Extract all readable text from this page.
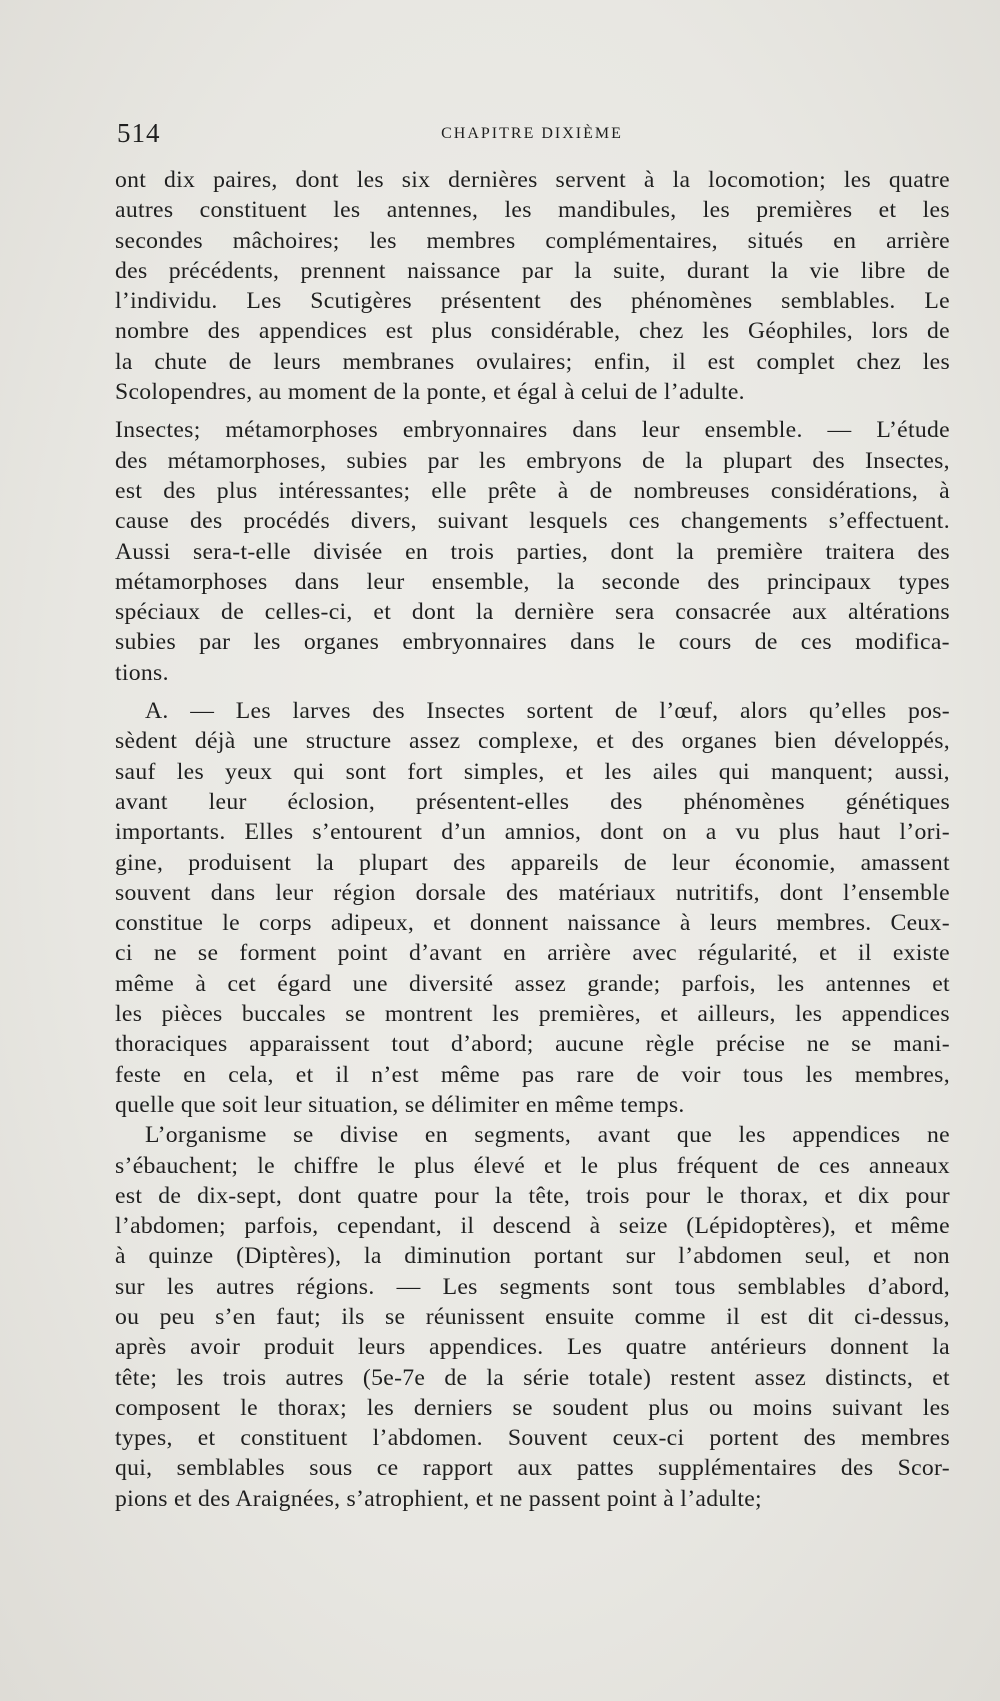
514	CHAPITRE DIXIÈME
ont dix paires, dont les six dernières servent à la locomotion; les quatre
autres constituent les antennes, les mandibules, les premières et les
secondes mâchoires; les membres complémentaires, situés en arrière
des précédents, prennent naissance par la suite, durant la vie libre de
l’individu. Les Scutigères présentent des phénomènes semblables. Le
nombre des appendices est plus considérable, chez les Géophiles, lors de
la chute de leurs membranes ovulaires; enfin, il est complet chez les
Scolopendres, au moment de la ponte, et égal à celui de l’adulte.
Insectes; métamorphoses embryonnaires dans leur ensemble. — L’étude
des métamorphoses, subies par les embryons de la plupart des Insectes,
est des plus intéressantes; elle prête à de nombreuses considérations, à
cause des procédés divers, suivant lesquels ces changements s’effectuent.
Aussi sera-t-elle divisée en trois parties, dont la première traitera des
métamorphoses dans leur ensemble, la seconde des principaux types
spéciaux de celles-ci, et dont la dernière sera consacrée aux altérations
subies par les organes embryonnaires dans le cours de ces modifica-
tions.
A. — Les larves des Insectes sortent de l’œuf, alors qu’elles pos-
sèdent déjà une structure assez complexe, et des organes bien développés,
sauf les yeux qui sont fort simples, et les ailes qui manquent; aussi,
avant leur éclosion, présentent-elles des phénomènes génétiques
importants. Elles s’entourent d’un amnios, dont on a vu plus haut l’ori-
gine, produisent la plupart des appareils de leur économie, amassent
souvent dans leur région dorsale des matériaux nutritifs, dont l’ensemble
constitue le corps adipeux, et donnent naissance à leurs membres. Ceux-
ci ne se forment point d’avant en arrière avec régularité, et il existe
même à cet égard une diversité assez grande; parfois, les antennes et
les pièces buccales se montrent les premières, et ailleurs, les appendices
thoraciques apparaissent tout d’abord; aucune règle précise ne se mani-
feste en cela, et il n’est même pas rare de voir tous les membres,
quelle que soit leur situation, se délimiter en même temps.
L’organisme se divise en segments, avant que les appendices ne
s’ébauchent; le chiffre le plus élevé et le plus fréquent de ces anneaux
est de dix-sept, dont quatre pour la tête, trois pour le thorax, et dix pour
l’abdomen; parfois, cependant, il descend à seize (Lépidoptères), et même
à quinze (Diptères), la diminution portant sur l’abdomen seul, et non
sur les autres régions. — Les segments sont tous semblables d’abord,
ou peu s’en faut; ils se réunissent ensuite comme il est dit ci-dessus,
après avoir produit leurs appendices. Les quatre antérieurs donnent la
tête; les trois autres (5e-7e de la série totale) restent assez distincts, et
composent le thorax; les derniers se soudent plus ou moins suivant les
types, et constituent l’abdomen. Souvent ceux-ci portent des membres
qui, semblables sous ce rapport aux pattes supplémentaires des Scor-
pions et des Araignées, s’atrophient, et ne passent point à l’adulte;
